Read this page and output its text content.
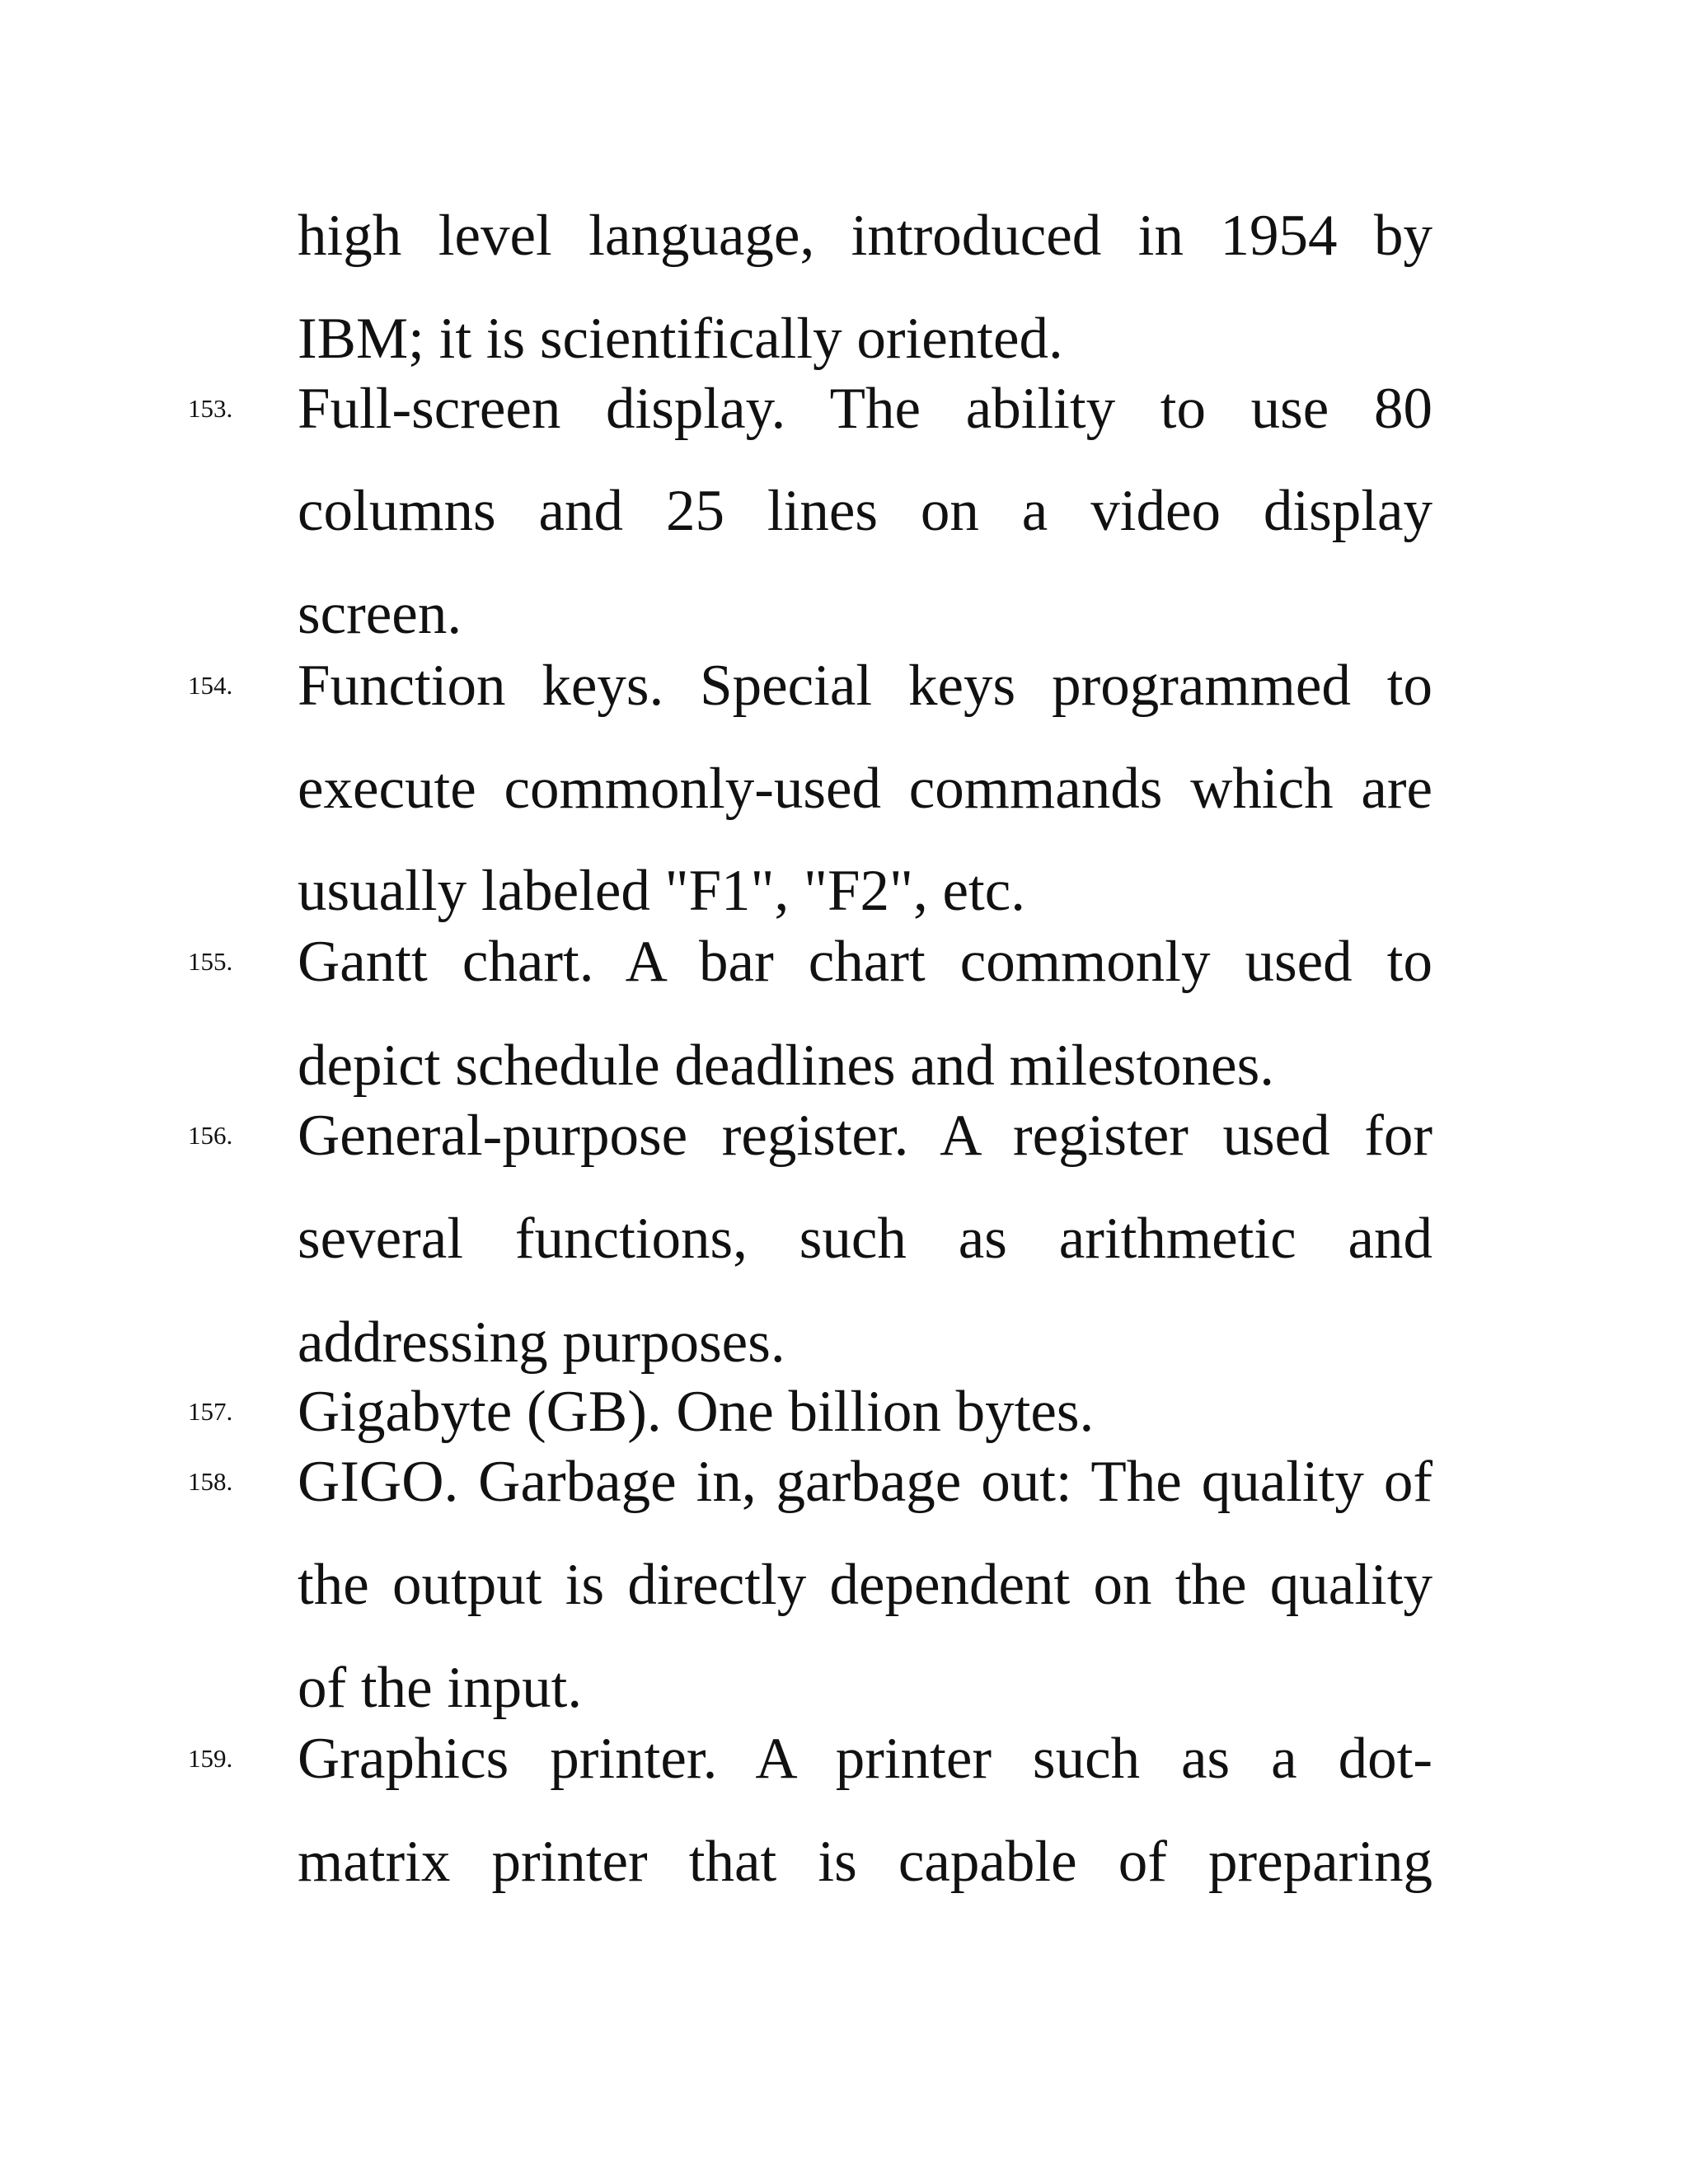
high level language, introduced in 1954 by
IBM; it is scientifically oriented.
153. Full-screen display. The ability to use 80
columns and 25 lines on a video display
screen.
154. Function keys. Special keys programmed to
execute commonly-used commands which are
usually labeled "F1", "F2", etc.
155. Gantt chart. A bar chart commonly used to
depict schedule deadlines and milestones.
156. General-purpose register. A register used for
several functions, such as arithmetic and
addressing purposes.
157. Gigabyte (GB). One billion bytes.
158. GIGO. Garbage in, garbage out: The quality of
the output is directly dependent on the quality
of the input.
159. Graphics printer. A printer such as a dot-
matrix printer that is capable of preparing
